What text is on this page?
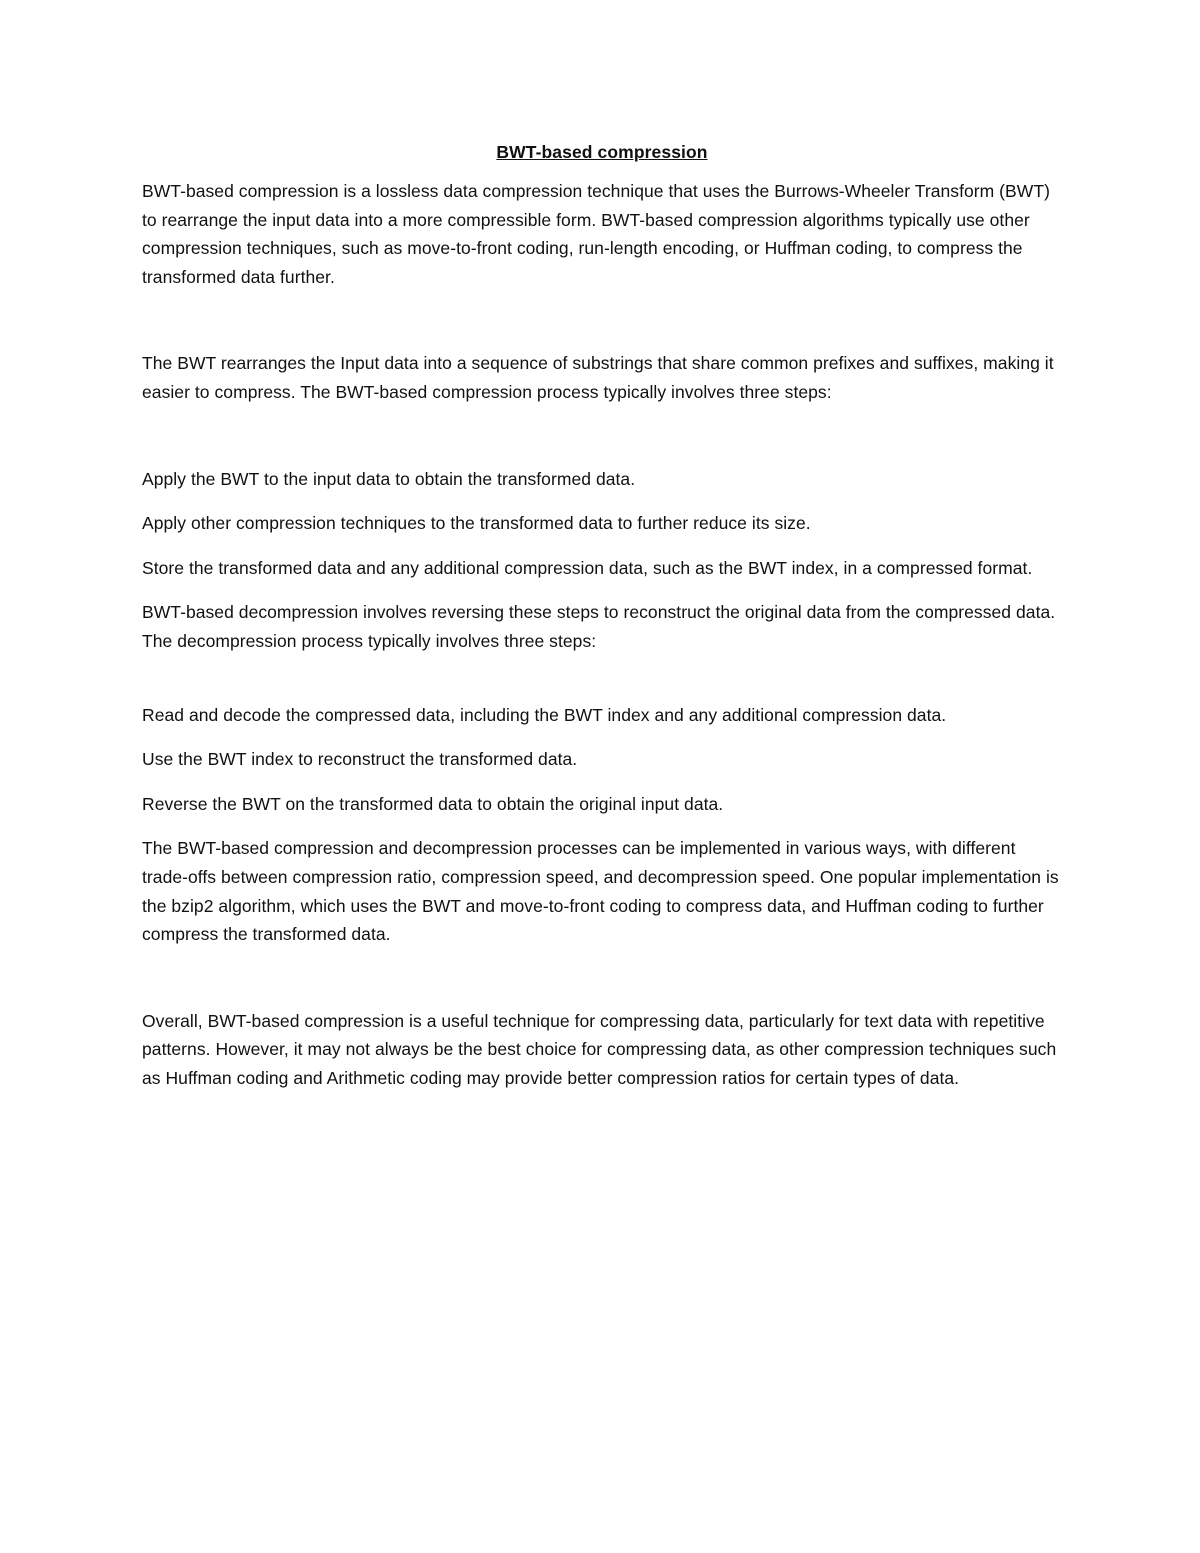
BWT-based compression

BWT-based compression is a lossless data compression technique that uses the Burrows-Wheeler Transform (BWT) to rearrange the input data into a more compressible form. BWT-based compression algorithms typically use other compression techniques, such as move-to-front coding, run-length encoding, or Huffman coding, to compress the transformed data further.

The BWT rearranges the Input data into a sequence of substrings that share common prefixes and suffixes, making it easier to compress. The BWT-based compression process typically involves three steps:

Apply the BWT to the input data to obtain the transformed data.

Apply other compression techniques to the transformed data to further reduce its size.

Store the transformed data and any additional compression data, such as the BWT index, in a compressed format.

BWT-based decompression involves reversing these steps to reconstruct the original data from the compressed data. The decompression process typically involves three steps:

Read and decode the compressed data, including the BWT index and any additional compression data.

Use the BWT index to reconstruct the transformed data.

Reverse the BWT on the transformed data to obtain the original input data.

The BWT-based compression and decompression processes can be implemented in various ways, with different trade-offs between compression ratio, compression speed, and decompression speed. One popular implementation is the bzip2 algorithm, which uses the BWT and move-to-front coding to compress data, and Huffman coding to further compress the transformed data.

Overall, BWT-based compression is a useful technique for compressing data, particularly for text data with repetitive patterns. However, it may not always be the best choice for compressing data, as other compression techniques such as Huffman coding and Arithmetic coding may provide better compression ratios for certain types of data.
